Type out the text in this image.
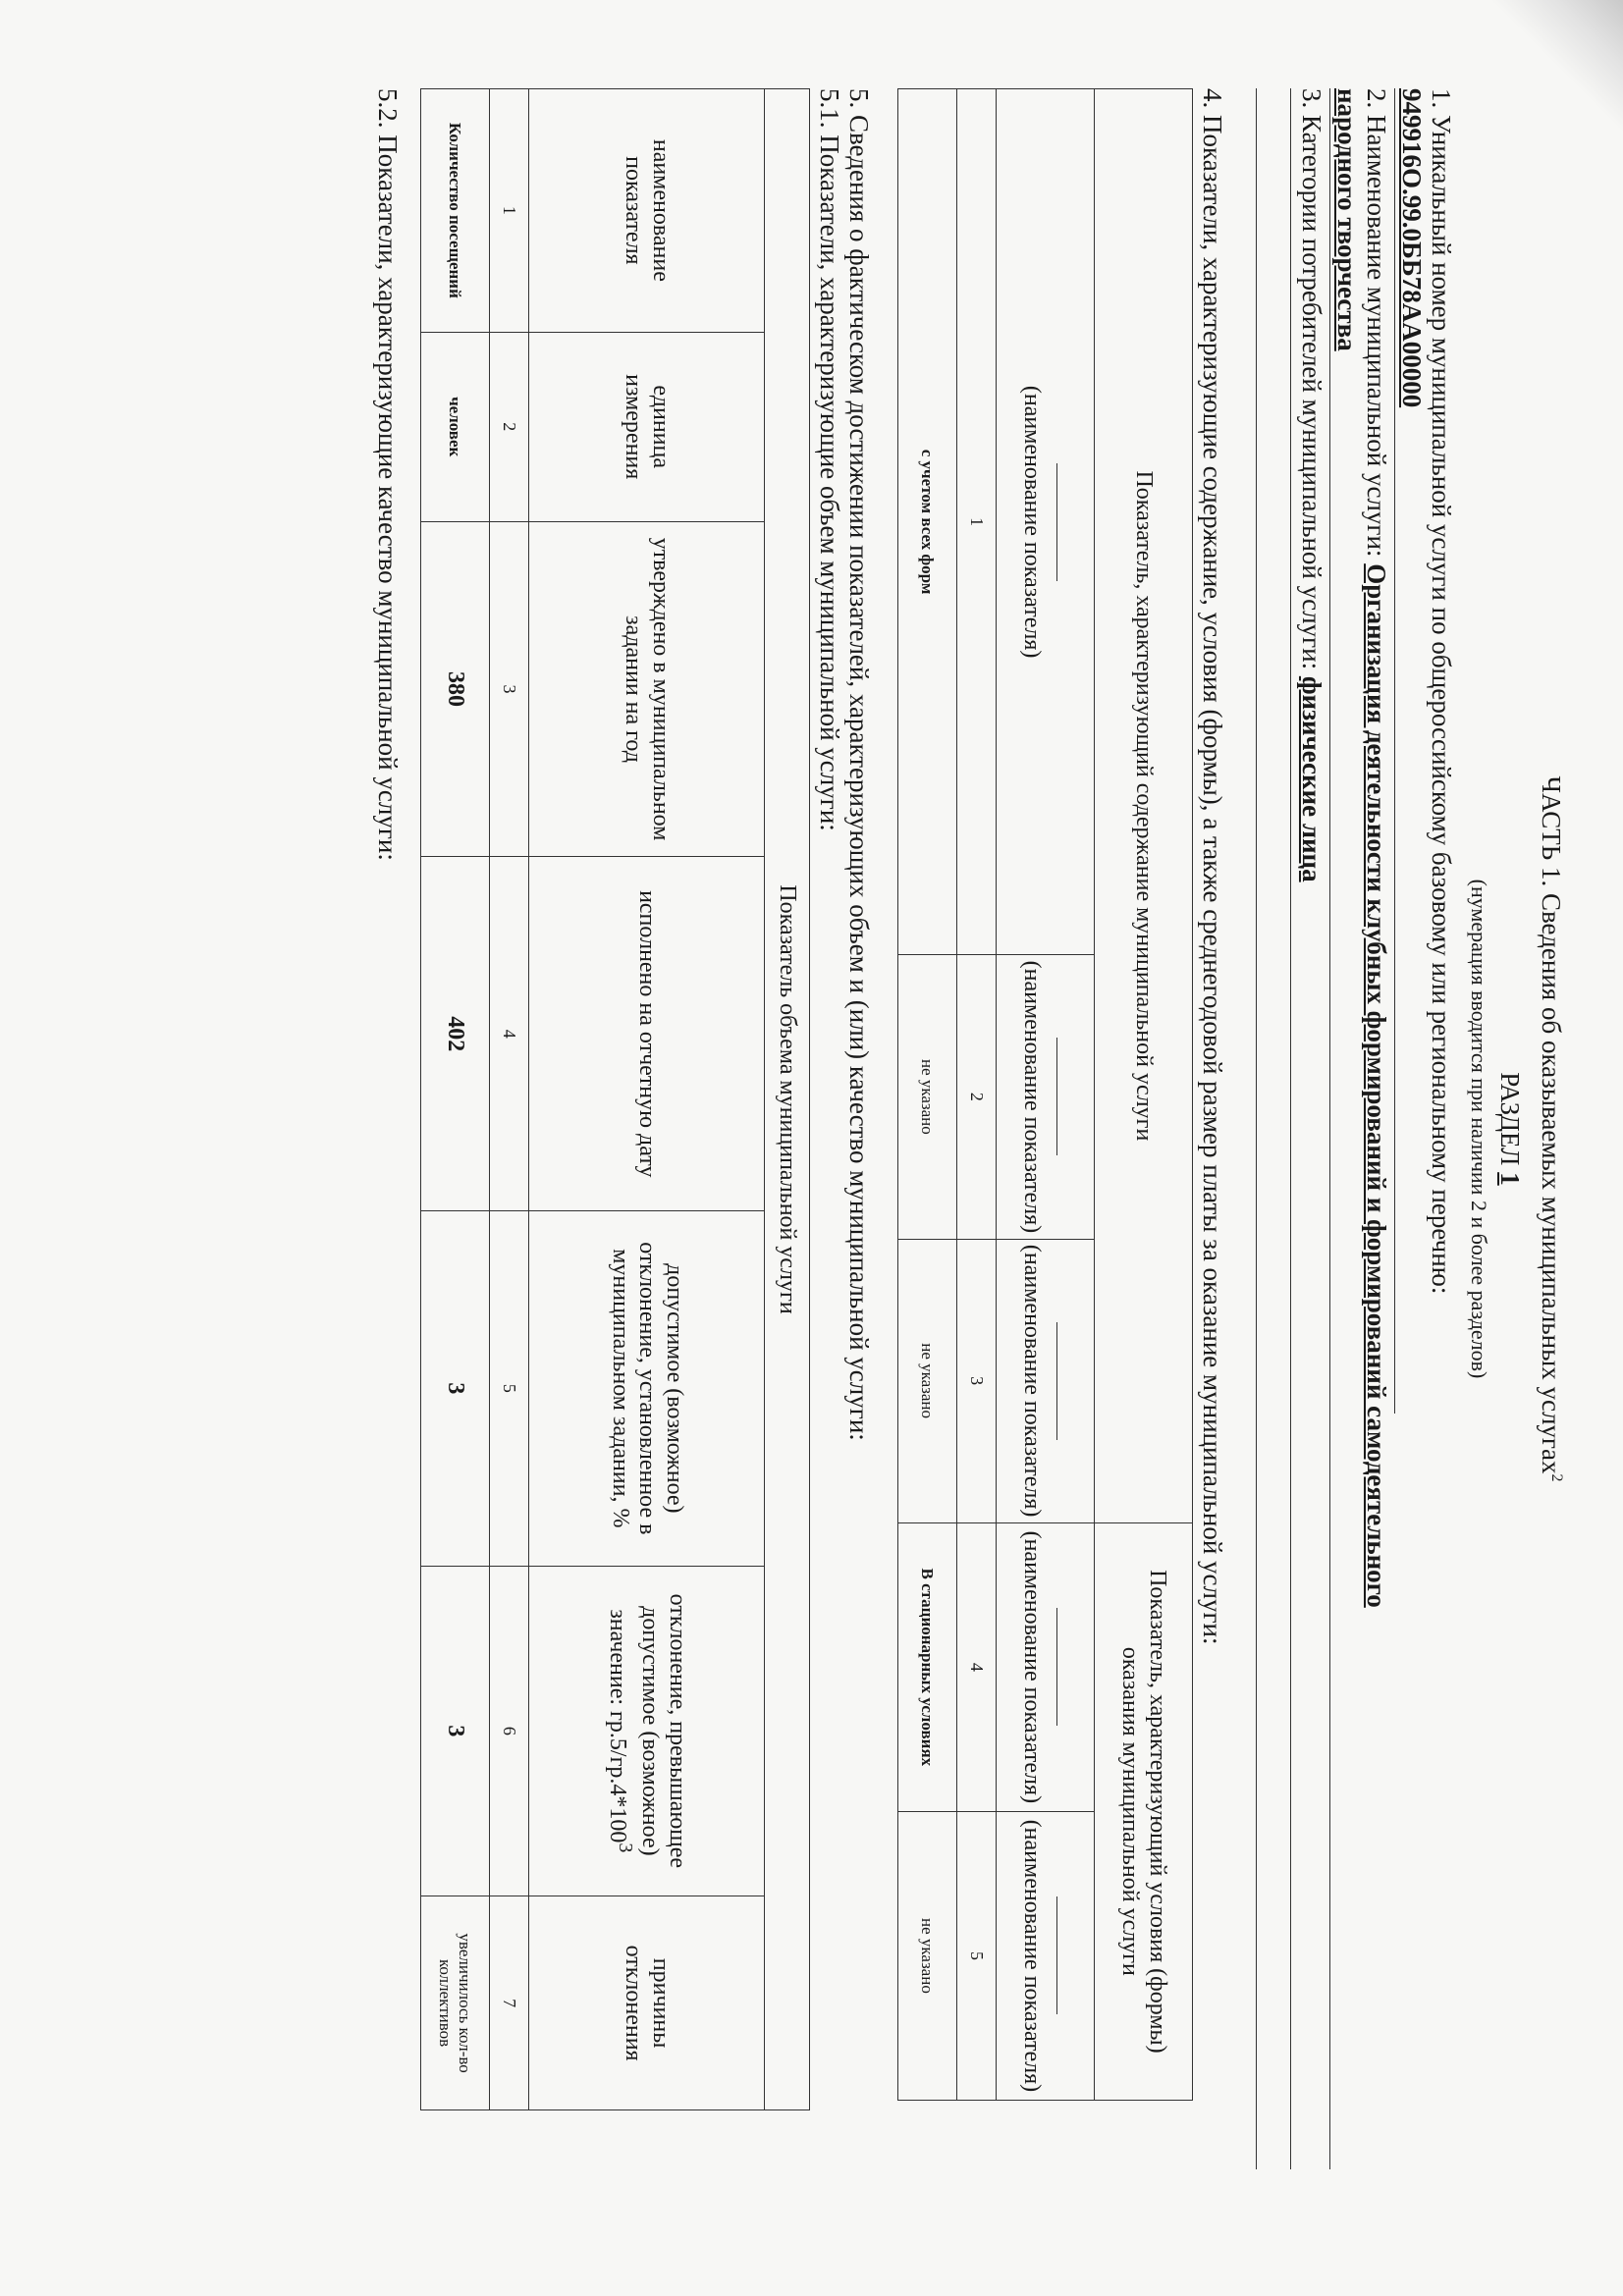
ЧАСТЬ 1. Сведения об оказываемых муниципальных услугах$^2$
РАЗДЕЛ 1
(нумерация вводится при наличии 2 и более разделов)
1. Уникальный номер муниципальной услуги по общероссийскому базовому или региональному перечню:
949916О.99.0ББ78АА00000
2. Наименование муниципальной услуги: Организация деятельности клубных формирований и формирований самодеятельного
народного творчества
3. Категории потребителей муниципальной услуги: физические лица
4. Показатели, характеризующие содержание, условия (формы), а также среднегодовой размер платы за оказание муниципальной услуги:
Показатель, характеризующий содержание муниципальной услуги			Показатель, характеризующий условия (формы) оказания муниципальной услуги	

(наименование показателя)	(наименование показателя)	(наименование показателя)	(наименование показателя)	(наименование показателя)
1	2	3	4	5
с учетом всех форм	не указано	не указано	В стационарных условиях	не указано
5. Сведения о фактическом достижении показателей, характеризующих объем и (или) качество муниципальной услуги:
5.1. Показатели, характеризующие объем муниципальной услуги:
Показатель объема муниципальной услуги						
наименование показателя	единица измерения	утверждено в муниципальном задании на год	исполнено на отчетную дату	допустимое (возможное) отклонение, установленное в муниципальном задании, %	отклонение, превышающее допустимое (возможное) значение: $гр.5/гр.4*100^3$	причины отклонения
1	2	3	4	5	6	7
Количество посещений	человек	380	402	3	3	увеличилось кол-во коллективов
5.2. Показатели, характеризующие качество муниципальной услуги:
